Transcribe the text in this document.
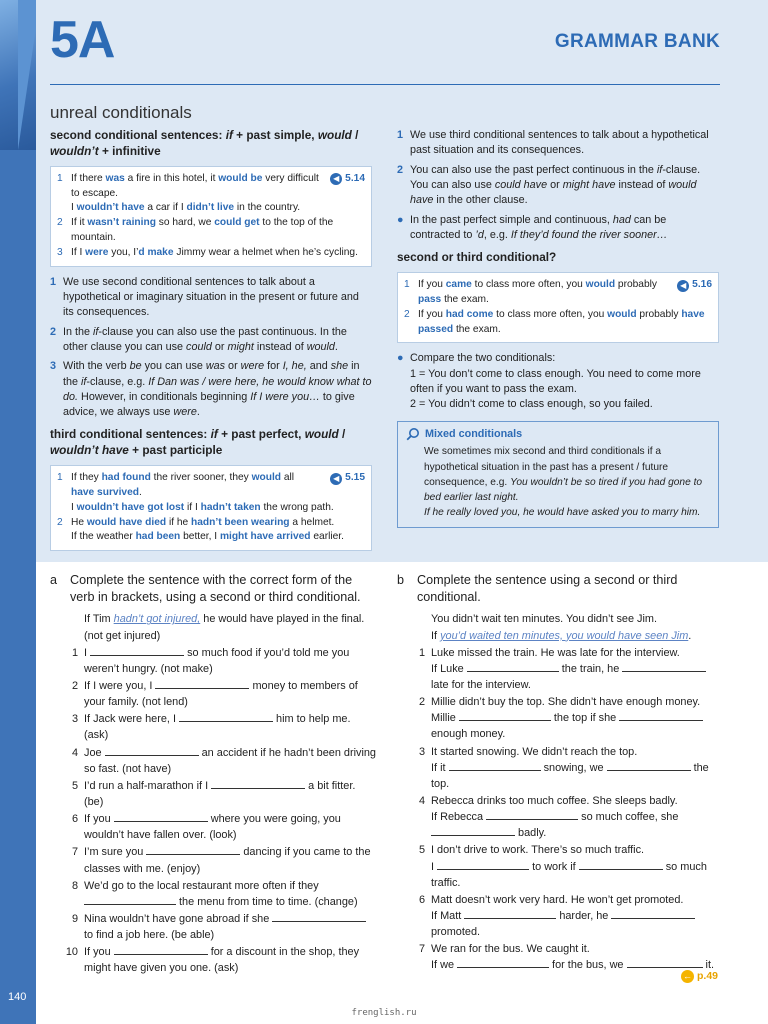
140
5A	GRAMMAR BANK
unreal conditionals
second conditional sentences: if + past simple, would / wouldn’t + infinitive
◀ 5.14
1 If there was a fire in this hotel, it would be very difficult to escape.
I wouldn’t have a car if I didn’t live in the country.
2 If it wasn’t raining so hard, we could get to the top of the mountain.
3 If I were you, I’d make Jimmy wear a helmet when he’s cycling.
1 We use second conditional sentences to talk about a hypothetical or imaginary situation in the present or future and its consequences.
2 In the if-clause you can also use the past continuous. In the other clause you can use could or might instead of would.
3 With the verb be you can use was or were for I, he, and she in the if-clause, e.g. If Dan was / were here, he would know what to do. However, in conditionals beginning If I were you… to give advice, we always use were.
third conditional sentences: if + past perfect, would / wouldn’t have + past participle
◀ 5.15
1 If they had found the river sooner, they would all have survived.
I wouldn’t have got lost if I hadn’t taken the wrong path.
2 He would have died if he hadn’t been wearing a helmet.
If the weather had been better, I might have arrived earlier.
1 We use third conditional sentences to talk about a hypothetical past situation and its consequences.
2 You can also use the past perfect continuous in the if-clause. You can also use could have or might have instead of would have in the other clause.
● In the past perfect simple and continuous, had can be contracted to ’d, e.g. If they’d found the river sooner…
second or third conditional?
◀ 5.16
1 If you came to class more often, you would probably pass the exam.
2 If you had come to class more often, you would probably have passed the exam.
● Compare the two conditionals:
1 = You don’t come to class enough. You need to come more often if you want to pass the exam.
2 = You didn’t come to class enough, so you failed.
Mixed conditionals
We sometimes mix second and third conditionals if a hypothetical situation in the past has a present / future consequence, e.g. You wouldn’t be so tired if you had gone to bed earlier last night.
If he really loved you, he would have asked you to marry him.
a	Complete the sentence with the correct form of the verb in brackets, using a second or third conditional.
If Tim hadn’t got injured, he would have played in the final. (not get injured)
1 I	so much food if you’d told me you weren’t hungry. (not make)
2 If I were you, I	money to members of your family. (not lend)
3 If Jack were here, I	him to help me. (ask)
4 Joe	an accident if he hadn’t been driving so fast. (not have)
5 I’d run a half-marathon if I	a bit fitter. (be)
6 If you	where you were going, you wouldn’t have fallen over. (look)
7 I’m sure you	dancing if you came to the classes with me. (enjoy)
8 We’d go to the local restaurant more often if they  the menu from time to time. (change)
9 Nina wouldn’t have gone abroad if she  to find a job here. (be able)
10 If you	for a discount in the shop, they might have given you one. (ask)
b	Complete the sentence using a second or third conditional.
You didn’t wait ten minutes. You didn’t see Jim.
If you’d waited ten minutes, you would have seen Jim.
1 Luke missed the train. He was late for the interview.
If Luke	the train, he  late for the interview.
2 Millie didn’t buy the top. She didn’t have enough money.
Millie	the top if she  enough money.
3 It started snowing. We didn’t reach the top.
If it	snowing, we	the top.
4 Rebecca drinks too much coffee. She sleeps badly.
If Rebecca	so much coffee, she  badly.
5 I don’t drive to work. There’s so much traffic.
I	to work if	so much traffic.
6 Matt doesn’t work very hard. He won’t get promoted.
If Matt	harder, he  promoted.
7 We ran for the bus. We caught it.
If we	for the bus, we	it.
← p.49
frenglish.ru
